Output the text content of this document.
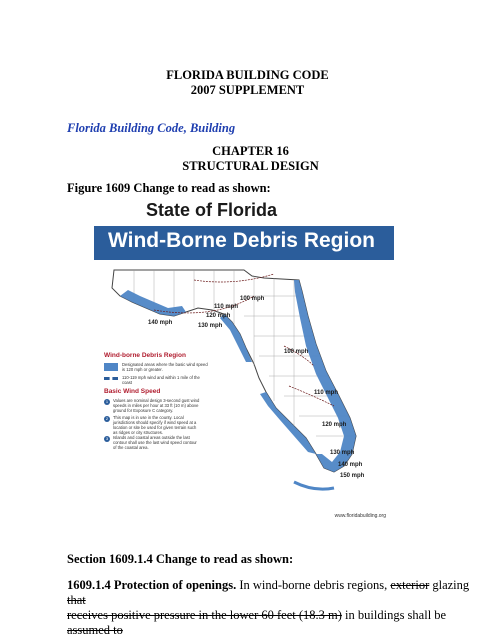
FLORIDA BUILDING CODE
2007 SUPPLEMENT
Florida Building Code, Building
CHAPTER 16
STRUCTURAL DESIGN
Figure 1609 Change to read as shown:
State of Florida
Wind-Borne Debris Region
100 mph
110 mph
120 mph
130 mph
140 mph
100 mph
110 mph
120 mph
130 mph
140 mph
150 mph
Wind-borne Debris Region
Designated areas where the basic wind speed is 120 mph or greater.
110-119 mph wind and within 1 mile of the coast
Basic Wind Speed
1	Values are nominal design 3-second gust wind speeds in miles per hour at 33 ft (10 m) above ground for Exposure C category.
2	This map is in use in the county. Local jurisdictions should specify if wind speed at a location or site be used for given terrain such as ridges or city structures.
3	Islands and coastal areas outside the last contour shall use the last wind speed contour of the coastal area.
www.floridabuilding.org
Section 1609.1.4 Change to read as shown:
1609.1.4 Protection of openings. In wind-borne debris regions, exterior glazing that
receives positive pressure in the lower 60 feet (18.3 m) in buildings shall be assumed to
